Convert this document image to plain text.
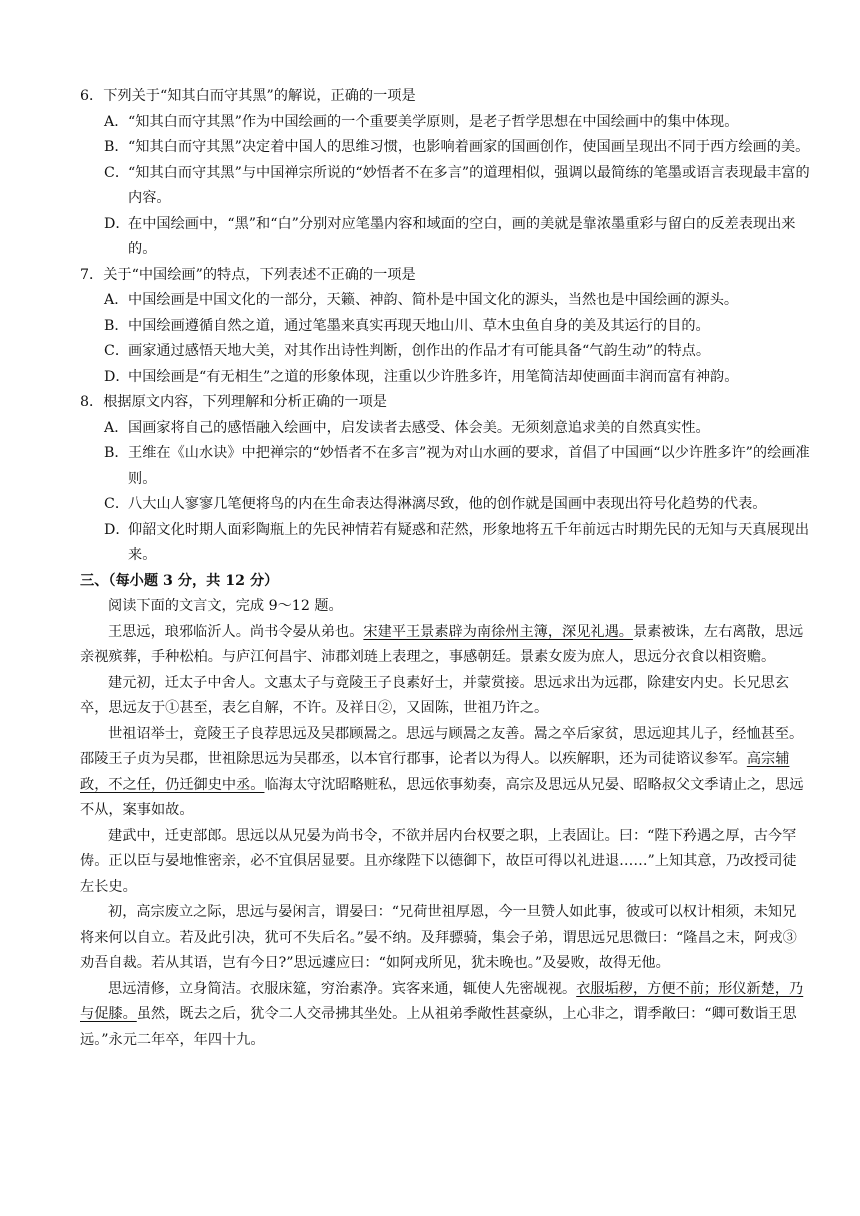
6．下列关于“知其白而守其黑”的解说，正确的一项是

A．“知其白而守其黑”作为中国绘画的一个重要美学原则，是老子哲学思想在中国绘画中的集中体现。

B．“知其白而守其黑”决定着中国人的思维习惯，也影响着画家的国画创作，使国画呈现出不同于西方绘画的美。

C．“知其白而守其黑”与中国禅宗所说的“妙悟者不在多言”的道理相似，强调以最简练的笔墨或语言表现最丰富的内容。

D．在中国绘画中，“黑”和“白”分别对应笔墨内容和域面的空白，画的美就是靠浓墨重彩与留白的反差表现出来的。

7．关于“中国绘画”的特点，下列表述不正确的一项是

A．中国绘画是中国文化的一部分，天籁、神韵、简朴是中国文化的源头，当然也是中国绘画的源头。

B．中国绘画遵循自然之道，通过笔墨来真实再现天地山川、草木虫鱼自身的美及其运行的目的。

C．画家通过感悟天地大美，对其作出诗性判断，创作出的作品才有可能具备“气韵生动”的特点。

D．中国绘画是“有无相生”之道的形象体现，注重以少许胜多许，用笔简洁却使画面丰润而富有神韵。

8．根据原文内容，下列理解和分析正确的一项是

A．国画家将自己的感悟融入绘画中，启发读者去感受、体会美。无须刻意追求美的自然真实性。

B．王维在《山水诀》中把禅宗的“妙悟者不在多言”视为对山水画的要求，首倡了中国画“以少许胜多许”的绘画准则。

C．八大山人寥寥几笔便将鸟的内在生命表达得淋漓尽致，他的创作就是国画中表现出符号化趋势的代表。

D．仰韶文化时期人面彩陶瓶上的先民神情若有疑惑和茫然，形象地将五千年前远古时期先民的无知与天真展现出来。

三、（每小题 3 分，共 12 分）

阅读下面的文言文，完成 9～12 题。

王思远，琅邪临沂人。尚书令晏从弟也。宋建平王景素辟为南徐州主簿，深见礼遇。景素被诛，左右离散，思远亲视殡葬，手种松柏。与庐江何昌宇、沛郡刘琏上表理之，事感朝廷。景素女废为庶人，思远分衣食以相资赡。

建元初，迁太子中舍人。文惠太子与竟陵王子良素好士，并蒙赏接。思远求出为远郡，除建安内史。长兄思玄卒，思远友于①甚至，表乞自解，不许。及祥日②，又固陈，世祖乃许之。

世祖诏举士，竟陵王子良荐思远及吴郡顾暠之。思远与顾暠之友善。暠之卒后家贫，思远迎其儿子，经恤甚至。邵陵王子贞为吴郡，世祖除思远为吴郡丞，以本官行郡事，论者以为得人。以疾解职，还为司徒谘议参军。高宗辅政，不之任，仍迁御史中丞。临海太守沈昭略赃私，思远依事劾奏，高宗及思远从兄晏、昭略叔父文季请止之，思远不从，案事如故。

建武中，迁吏部郎。思远以从兄晏为尚书令，不欲并居内台权要之职，上表固让。曰：“陛下矜遇之厚，古今罕俦。正以臣与晏地惟密亲，必不宜俱居显要。且亦缘陛下以德御下，故臣可得以礼进退……”上知其意，乃改授司徒左长史。

初，高宗废立之际，思远与晏闲言，谓晏曰：“兄荷世祖厚恩，今一旦赞人如此事，彼或可以权计相须，未知兄将来何以自立。若及此引决，犹可不失后名。”晏不纳。及拜骠骑，集会子弟，谓思远兄思微曰：“隆昌之末，阿戎③劝吾自裁。若从其语，岂有今日?”思远遽应曰：“如阿戎所见，犹未晚也。”及晏败，故得无他。

思远清修，立身简洁。衣服床筵，穷治素净。宾客来通，辄使人先密觇视。衣服垢秽，方便不前；形仪新楚，乃与促膝。虽然，既去之后，犹令二人交帚拂其坐处。上从祖弟季敞性甚豪纵，上心非之，谓季敞曰：“卿可数诣王思远。”永元二年卒，年四十九。
